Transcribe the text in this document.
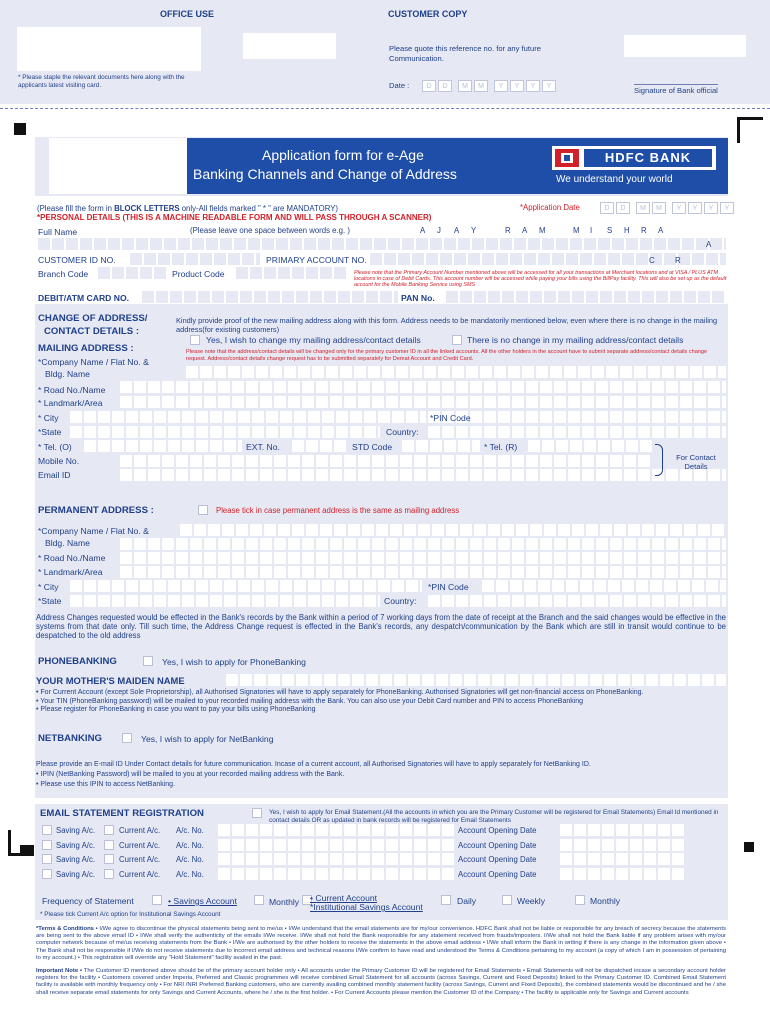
OFFICE USE	CUSTOMER COPY
* Please staple the relevant documents here along with the applicants latest visiting card.
Please quote this reference no. for any future Communication.
Date :	D	D	M	M	Y	Y	Y	Y	Signature of Bank official
Application form for e-Age
Banking Channels and Change of Address
HDFC BANK
We understand your world
(Please fill the form in BLOCK LETTERS only-All fields marked " * " are MANDATORY)	*Application Date	D	D	M	M	Y	Y	Y	Y
*PERSONAL DETAILS (THIS IS A MACHINE READABLE FORM AND WILL PASS THROUGH A SCANNER)
Full Name	(Please leave one space between words e.g. )	A	J	A	Y	R	A	M	M	I	S	H	R	A
A
CUSTOMER ID NO.	PRIMARY ACCOUNT NO.	C	R
Branch Code	Product Code	Please note that the Primary Account Number mentioned above will be accessed for all your transactions at Merchant locations and at VISA / PLUS ATM locations in case of Debit Cards. This account number will be accessed while paying your bills using the BillPay facility. This will also be set up as the default account for the Mobile Banking Service using SMS
DEBIT/ATM CARD NO.	PAN No.
CHANGE OF ADDRESS/
CONTACT DETAILS :
Kindly provide proof of the new mailing address along with this form. Address needs to be mandatorily mentioned below, even where there is no change in the mailing address(for existing customers)
Yes, I wish to change my mailing address/contact details	There is no change in my mailing address/contact details
MAILING ADDRESS :	Please note that the address/contact details will be changed only for the primary customer ID in all the linked accounts. All the other holders in the account have to submit separate address/contact details change request. Address/contact details change request has to be submitted separately for Demat Account and Credit Card.
*Company Name / Flat No. &
Bldg. Name
* Road No./Name
* Landmark/Area
* City	*PIN Code
*State	Country:
* Tel. (O)	EXT. No.	STD Code	* Tel. (R)
Mobile No.
Email ID
For Contact Details
PERMANENT ADDRESS :	Please tick in case permanent address is the same as mailing address
*Company Name / Flat No. &
Bldg. Name
* Road No./Name
* Landmark/Area
* City	*PIN Code
*State	Country:
Address Changes requested would be effected in the Bank's records by the Bank within a period of 7 working days from the date of receipt at the Branch and the said changes would be effective in the systems from that date only. Till such time, the Address Change request is effected in the Bank's records, any despatch/communication by the Bank which are still in transit would continue to be despatched to the old address
PHONEBANKING	Yes, I wish to apply for PhoneBanking
YOUR MOTHER'S MAIDEN NAME
• For Current Account (except Sole Proprietorship), all Authorised Signatories will have to apply separately for PhoneBanking. Authorised Signatories will get non-financial access on PhoneBanking.
• Your TIN (PhoneBanking password) will be mailed to your recorded mailing address with the Bank. You can also use your Debit Card number and PIN to access PhoneBanking
• Please register for PhoneBanking in case you want to pay your bills using PhoneBanking
NETBANKING	Yes, I wish to apply for NetBanking
Please provide an E-mail ID Under Contact details for future communication. Incase of a current account, all Authorised Signatories will have to apply separately for NetBanking ID.
• IPIN (NetBanking Password) will be mailed to you at your recorded mailing address with the Bank.
• Please use this IPIN to access NetBanking.
EMAIL STATEMENT REGISTRATION	Yes, I wish to apply for Email Statement.(All the accounts in which you are the Primary Customer will be registered for Email Statements) Email Id mentioned in contact details OR as updated in bank records will be registered for Email Statements
Saving A/c.	Current A/c. A/c. No.	Account Opening Date
Saving A/c.	Current A/c. A/c. No.	Account Opening Date
Saving A/c.	Current A/c. A/c. No.	Account Opening Date
Saving A/c.	Current A/c. A/c. No.	Account Opening Date
Frequency of Statement	• Savings Account	Monthly • Current Account
*Institutional Savings Account
Daily	Weekly	Monthly
* Please tick Current A/c option for Institutional Savings Account
*Terms & Conditions • I/We agree to discontinue the physical statements being sent to me/us • I/We understand that the email statements are for my/our convenience. HDFC Bank shall not be liable or responsible for any breach of secrecy because the statements are being sent to the above email ID • I/We shall verify the authenticity of the emails I/We receive. I/We shall not hold the Bank responsible for any statement received from frauds/imposters. I/We shall not hold the Bank liable if any problem arises with my/our computer network because of me/us receiving statements from the Bank • I/We are authorised by the other holders to receive the statements in the above email address • I/We shall inform the Bank in writing if there is any change in the information given above • The Bank shall not be responsible if I/We do not receive statements due to incorrect email address and technical reasons I/We confirm to have read and understood the Terms & Conditions pertaining to my account (a copy of which I am in possession of pertaining to my account.) • This registration will override any "Hold Statement" facility availed in the past.
Important Note • The Customer ID mentioned above should be of the primary account holder only • All accounts under the Primary Customer ID will be registered for Email Statements • Email Statements will not be dispatched incase a secondary account holder registers for the facility • Customers covered under Imperia, Preferred and Classic programmes will receive combined Email Statement for all accounts (across Savings, Current and Fixed Deposits) linked to the Primary Customer ID. Combined Email Statement facility is available with monthly frequency only • For NRI /NRI Preferred Banking customers, who are currently availing combined monthly statement facility (across Savings, Current and Fixed Deposits), the combined statements would be discontinued and he / she shall receive separate email statements for only Savings and Current Accounts, where he / she is the first holder. • For Current Accounts please mention the Customer ID of the Company • The facility is applicable only for Savings and Current accounts
